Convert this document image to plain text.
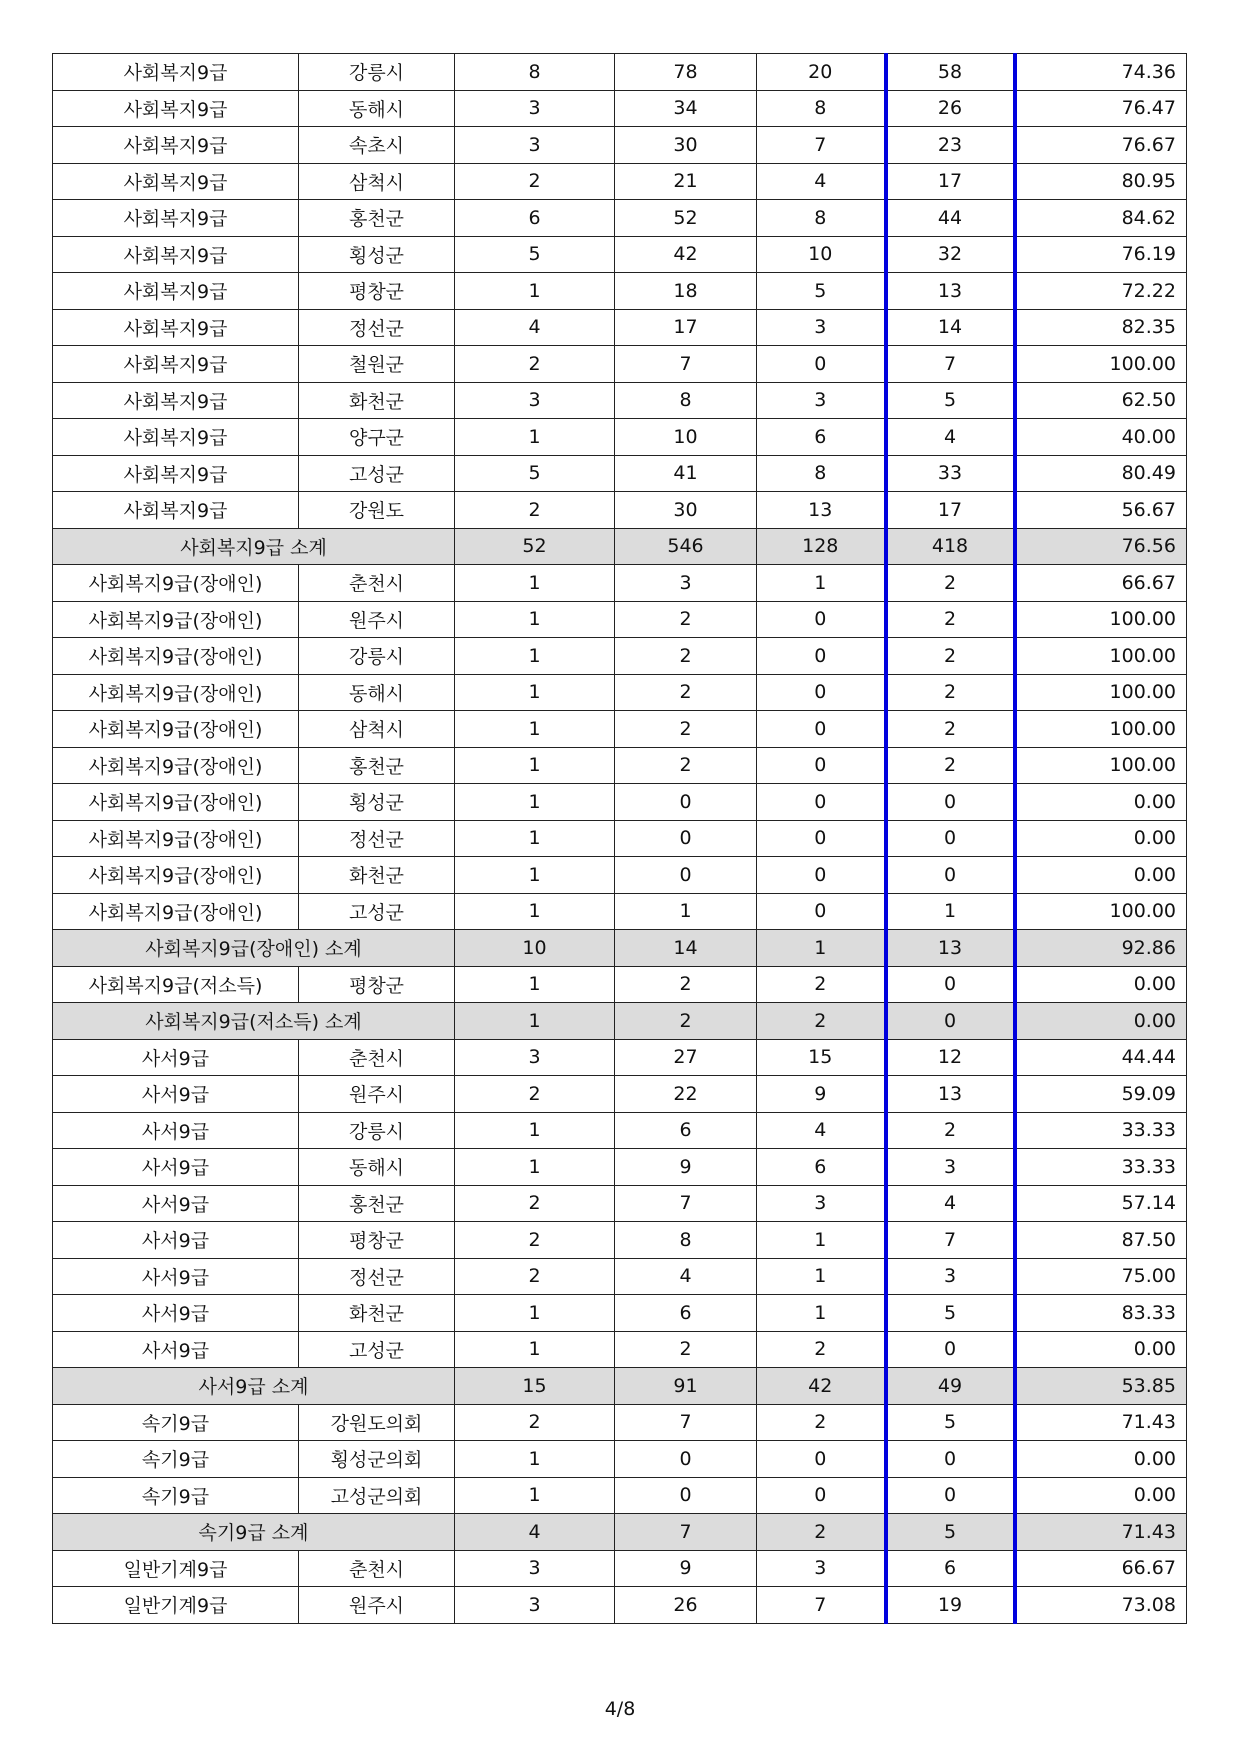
사회복지9급	강릉시	8	78	20	58	74.36
사회복지9급	동해시	3	34	8	26	76.47
사회복지9급	속초시	3	30	7	23	76.67
사회복지9급	삼척시	2	21	4	17	80.95
사회복지9급	홍천군	6	52	8	44	84.62
사회복지9급	횡성군	5	42	10	32	76.19
사회복지9급	평창군	1	18	5	13	72.22
사회복지9급	정선군	4	17	3	14	82.35
사회복지9급	철원군	2	7	0	7	100.00
사회복지9급	화천군	3	8	3	5	62.50
사회복지9급	양구군	1	10	6	4	40.00
사회복지9급	고성군	5	41	8	33	80.49
사회복지9급	강원도	2	30	13	17	56.67
사회복지9급 소계		52	546	128	418	76.56
사회복지9급(장애인)	춘천시	1	3	1	2	66.67
사회복지9급(장애인)	원주시	1	2	0	2	100.00
사회복지9급(장애인)	강릉시	1	2	0	2	100.00
사회복지9급(장애인)	동해시	1	2	0	2	100.00
사회복지9급(장애인)	삼척시	1	2	0	2	100.00
사회복지9급(장애인)	홍천군	1	2	0	2	100.00
사회복지9급(장애인)	횡성군	1	0	0	0	0.00
사회복지9급(장애인)	정선군	1	0	0	0	0.00
사회복지9급(장애인)	화천군	1	0	0	0	0.00
사회복지9급(장애인)	고성군	1	1	0	1	100.00
사회복지9급(장애인) 소계		10	14	1	13	92.86
사회복지9급(저소득)	평창군	1	2	2	0	0.00
사회복지9급(저소득) 소계		1	2	2	0	0.00
사서9급	춘천시	3	27	15	12	44.44
사서9급	원주시	2	22	9	13	59.09
사서9급	강릉시	1	6	4	2	33.33
사서9급	동해시	1	9	6	3	33.33
사서9급	홍천군	2	7	3	4	57.14
사서9급	평창군	2	8	1	7	87.50
사서9급	정선군	2	4	1	3	75.00
사서9급	화천군	1	6	1	5	83.33
사서9급	고성군	1	2	2	0	0.00
사서9급 소계		15	91	42	49	53.85
속기9급	강원도의회	2	7	2	5	71.43
속기9급	횡성군의회	1	0	0	0	0.00
속기9급	고성군의회	1	0	0	0	0.00
속기9급 소계		4	7	2	5	71.43
일반기계9급	춘천시	3	9	3	6	66.67
일반기계9급	원주시	3	26	7	19	73.08
4/8
